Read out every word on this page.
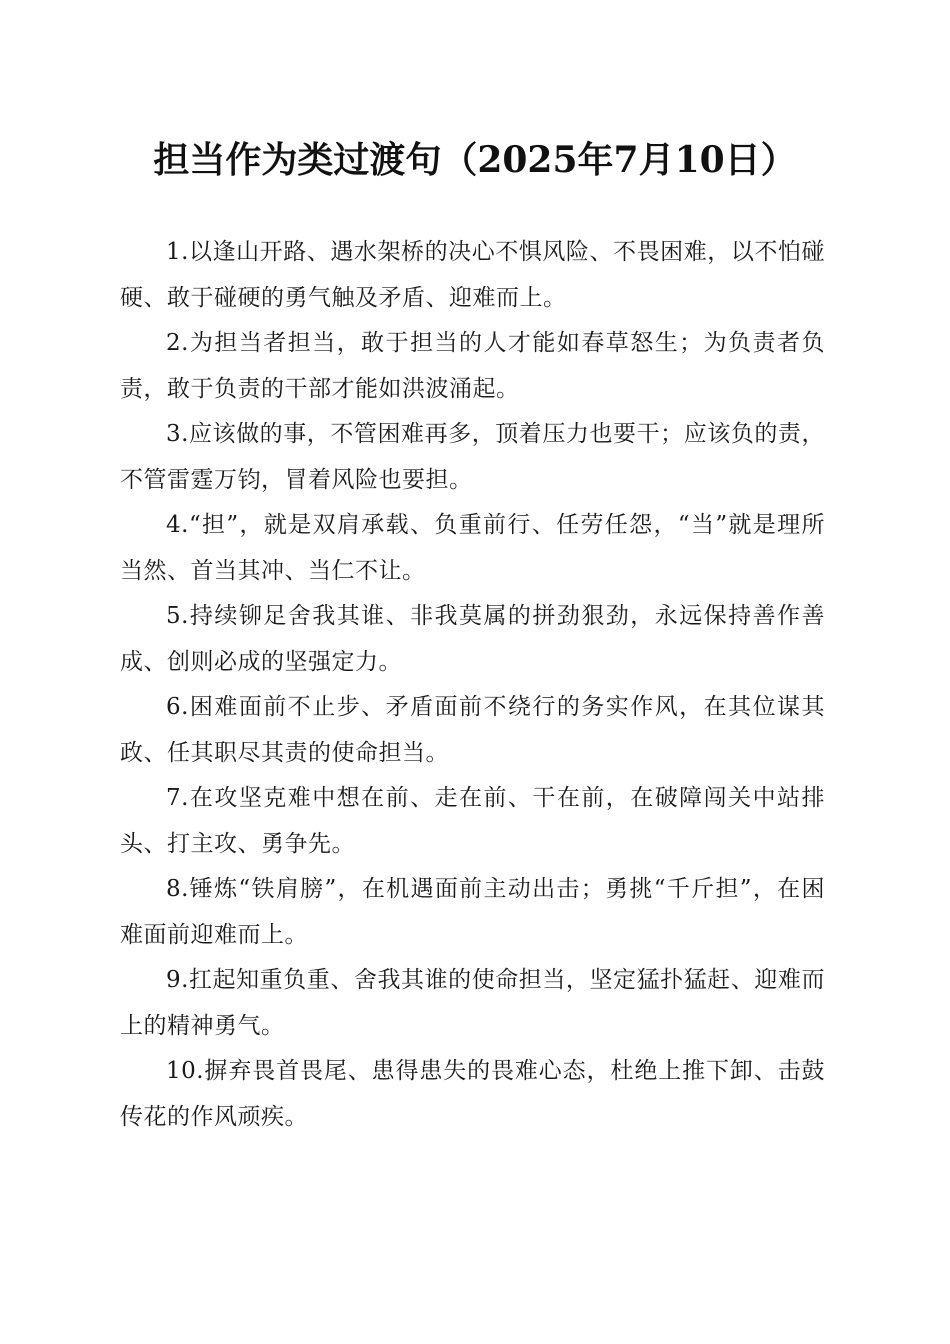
担当作为类过渡句（2025年7月10日）

1.以逢山开路、遇水架桥的决心不惧风险、不畏困难，以不怕碰硬、敢于碰硬的勇气触及矛盾、迎难而上。

2.为担当者担当，敢于担当的人才能如春草怒生；为负责者负责，敢于负责的干部才能如洪波涌起。

3.应该做的事，不管困难再多，顶着压力也要干；应该负的责，不管雷霆万钧，冒着风险也要担。

4.“担”，就是双肩承载、负重前行、任劳任怨，“当”就是理所当然、首当其冲、当仁不让。

5.持续铆足舍我其谁、非我莫属的拼劲狠劲，永远保持善作善成、创则必成的坚强定力。

6.困难面前不止步、矛盾面前不绕行的务实作风，在其位谋其政、任其职尽其责的使命担当。

7.在攻坚克难中想在前、走在前、干在前，在破障闯关中站排头、打主攻、勇争先。

8.锤炼“铁肩膀”，在机遇面前主动出击；勇挑“千斤担”，在困难面前迎难而上。

9.扛起知重负重、舍我其谁的使命担当，坚定猛扑猛赶、迎难而上的精神勇气。

10.摒弃畏首畏尾、患得患失的畏难心态，杜绝上推下卸、击鼓传花的作风顽疾。
